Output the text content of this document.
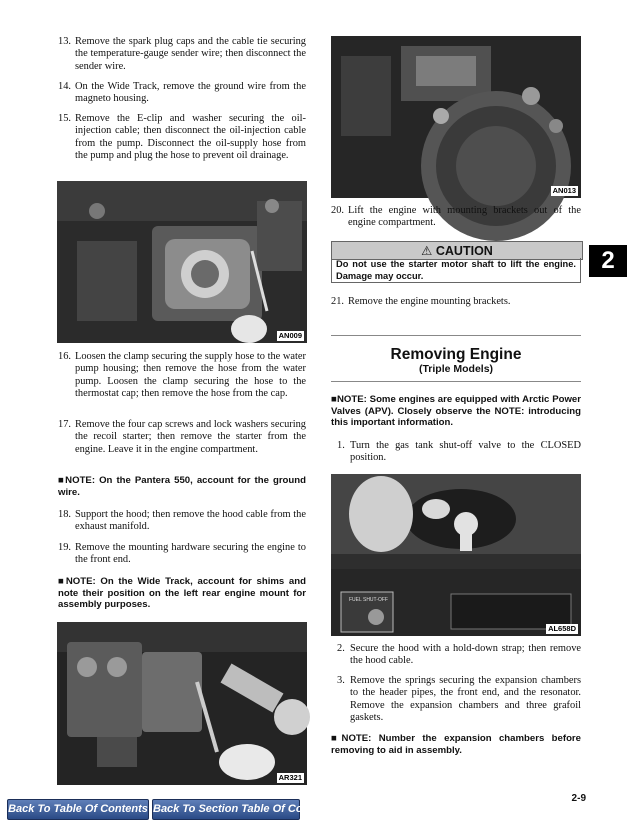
13. Remove the spark plug caps and the cable tie securing the temperature-gauge sender wire; then disconnect the sender wire.
14. On the Wide Track, remove the ground wire from the magneto housing.
15. Remove the E-clip and washer securing the oil-injection cable; then disconnect the oil-injection cable from the pump. Disconnect the oil-supply hose from the pump and plug the hose to prevent oil drainage.
AN009
16. Loosen the clamp securing the supply hose to the water pump housing; then remove the hose from the water pump. Loosen the clamp securing the hose to the thermostat cap; then remove the hose from the cap.
17. Remove the four cap screws and lock washers securing the recoil starter; then remove the starter from the engine. Leave it in the engine compartment.
■NOTE: On the Pantera 550, account for the ground wire.
18. Support the hood; then remove the hood cable from the exhaust manifold.
19. Remove the mounting hardware securing the engine to the front end.
■NOTE: On the Wide Track, account for shims and note their position on the left rear engine mount for assembly purposes.
AR321
AN013
20. Lift the engine with mounting brackets out of the engine compartment.
⚠ CAUTION
Do not use the starter motor shaft to lift the engine. Damage may occur.
21. Remove the engine mounting brackets.
Removing Engine
(Triple Models)
■NOTE: Some engines are equipped with Arctic Power Valves (APV). Closely observe the NOTE: introducing this important information.
1. Turn the gas tank shut-off valve to the CLOSED position.
FUEL SHUT-OFF
AL658D
2. Secure the hood with a hold-down strap; then remove the hood cable.
3. Remove the springs securing the expansion chambers to the header pipes, the front end, and the resonator. Remove the expansion chambers and three grafoil gaskets.
■NOTE: Number the expansion chambers before removing to aid in assembly.
2
2-9
Back To Table Of Contents Back To Section Table Of Contents
